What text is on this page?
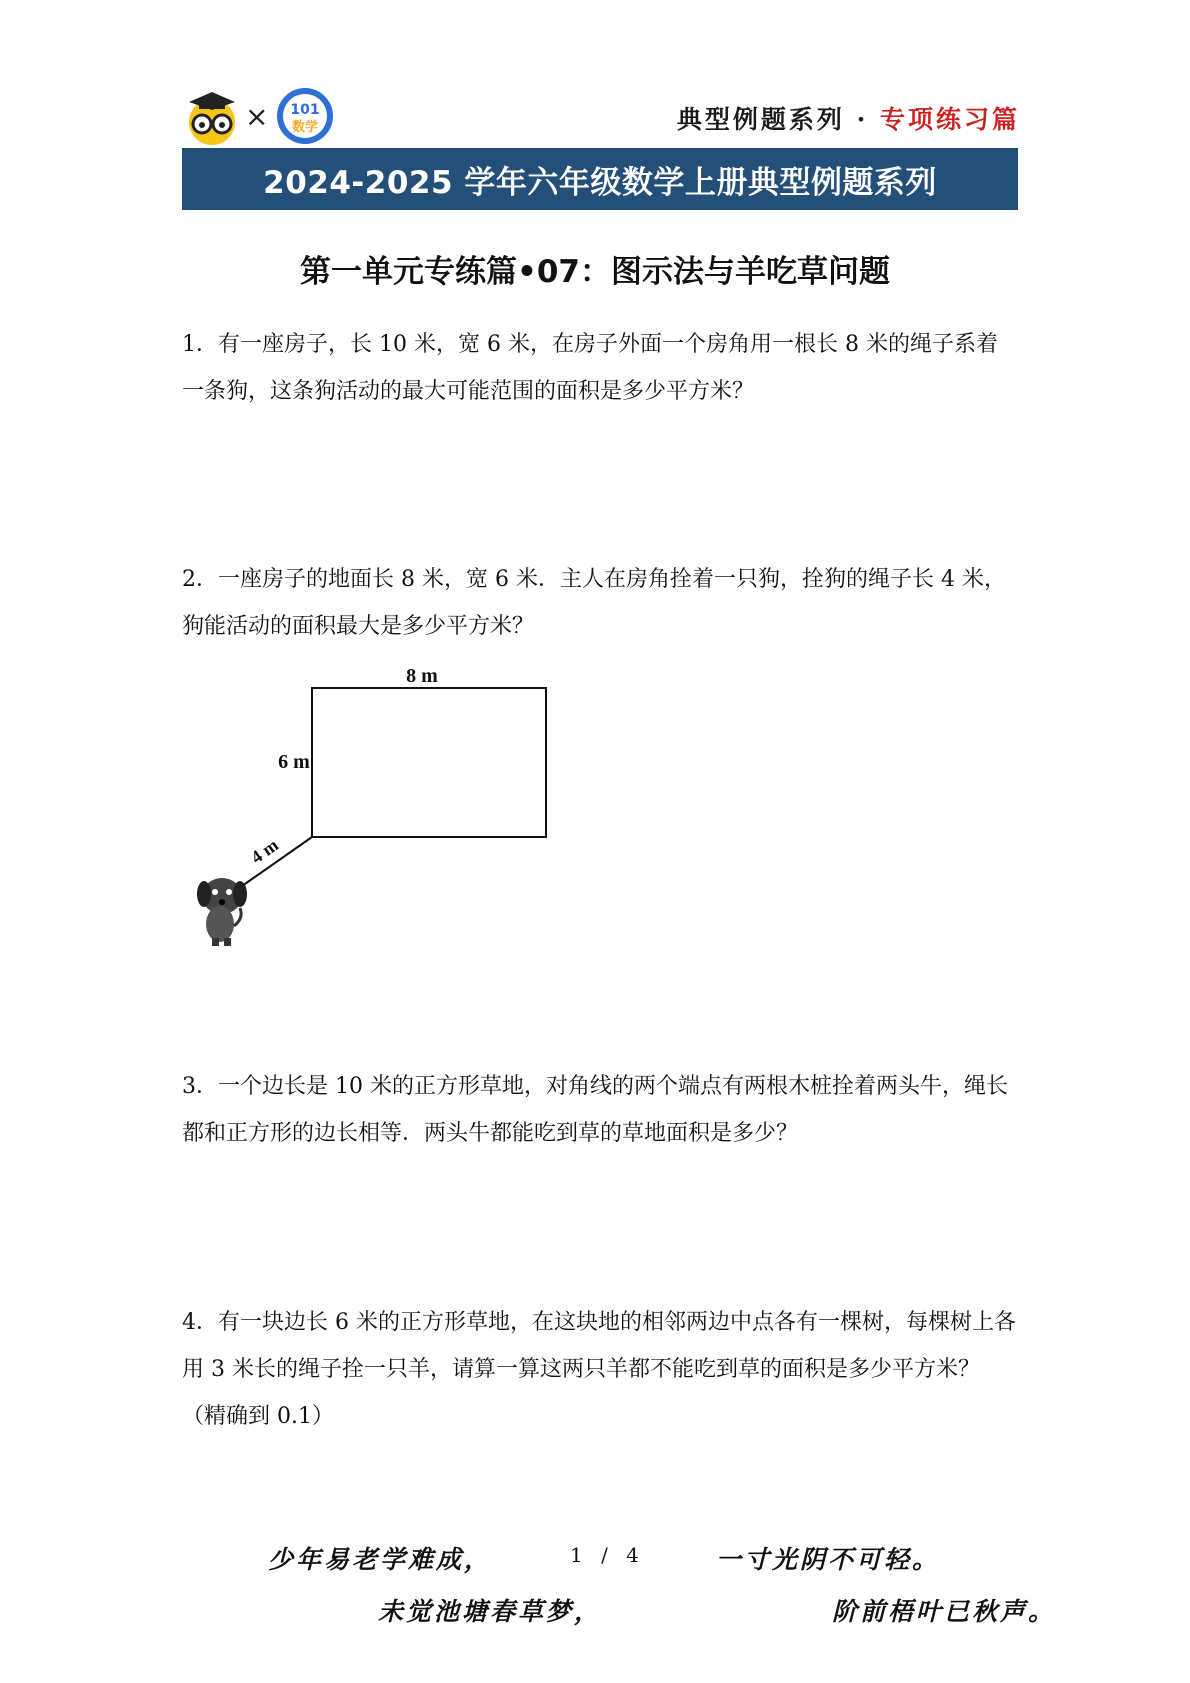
× 101
数学	典型例题系列 · 专项练习篇
2024-2025 学年六年级数学上册典型例题系列
第一单元专练篇•07：图示法与羊吃草问题
1．有一座房子，长 10 米，宽 6 米，在房子外面一个房角用一根长 8 米的绳子系着一条狗，这条狗活动的最大可能范围的面积是多少平方米？
2．一座房子的地面长 8 米，宽 6 米．主人在房角拴着一只狗，拴狗的绳子长 4 米，狗能活动的面积最大是多少平方米？
8 m
6 m
4 m
3．一个边长是 10 米的正方形草地，对角线的两个端点有两根木桩拴着两头牛，绳长都和正方形的边长相等．两头牛都能吃到草的草地面积是多少？
4．有一块边长 6 米的正方形草地，在这块地的相邻两边中点各有一棵树，每棵树上各用 3 米长的绳子拴一只羊，请算一算这两只羊都不能吃到草的面积是多少平方米？（精确到 0.1）
少年易老学难成，	1 / 4	一寸光阴不可轻。
未觉池塘春草梦，	阶前梧叶已秋声。
